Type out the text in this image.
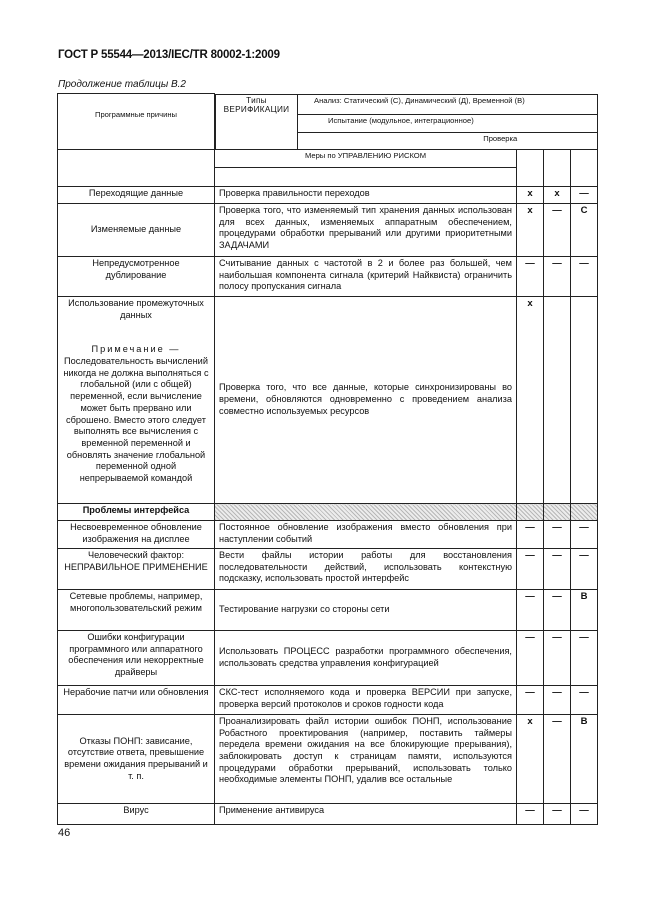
ГОСТ Р 55544—2013/IEC/TR 80002-1:2009
Продолжение таблицы В.2
Программные причины	
Типы ВЕРИФИКАЦИИ	Анализ: Статический (С), Динамический (Д), Временной (В)
Испытание (модульное, интеграционное)
Проверка

	Меры по УПРАВЛЕНИЮ РИСКОМ			

Переходящие данные	Проверка правильности переходов	x	x	—
Изменяемые данные	Проверка того, что изменяемый тип хранения данных использован для всех данных, изменяемых аппаратным обеспечением, процедурами обработки прерываний или другими приоритетными ЗАДАЧАМИ	x	—	С
Непредусмотренное дублирование	Считывание данных с частотой в 2 и более раз большей, чем наибольшая компонента сигнала (критерий Найквиста) ограничить полосу пропускания сигнала	—	—	—

Использование промежуточных данных
Примечание —
Последовательность вычислений никогда не должна выполняться с глобальной (или с общей) переменной, если вычисление может быть прервано или сброшено. Вместо этого следует выполнять все вычисления с временной переменной и обновлять значение глобальной переменной одной непрерываемой командой
	Проверка того, что все данные, которые синхронизированы во времени, обновляются одновременно с проведением анализа совместно используемых ресурсов	x		
Проблемы интерфейса				
Несвоевременное обновление изображения на дисплее	Постоянное обновление изображения вместо обновления при наступлении событий	—	—	—
Человеческий фактор: НЕПРАВИЛЬНОЕ ПРИМЕНЕНИЕ	Вести файлы истории работы для восстановления последовательности действий, использовать контекстную подсказку, использовать простой интерфейс	—	—	—
Сетевые проблемы, например, многопользовательский режим	Тестирование нагрузки со стороны сети	—	—	В
Ошибки конфигурации программного или аппаратного обеспечения или некорректные драйверы	Использовать ПРОЦЕСС разработки программного обеспечения, использовать средства управления конфигурацией	—	—	—
Нерабочие патчи или обновления	СКС-тест исполняемого кода и проверка ВЕРСИИ при запуске, проверка версий протоколов и сроков годности кода	—	—	—
Отказы ПОНП: зависание, отсутствие ответа, превышение времени ожидания прерываний и т. п.	Проанализировать файл истории ошибок ПОНП, использование Робастного проектирования (например, поставить таймеры передела времени ожидания на все блокирующие прерывания), заблокировать доступ к страницам памяти, используются процедурами обработки прерываний, использовать только необходимые элементы ПОНП, удалив все остальные	x	—	В
Вирус	Применение антивируса	—	—	—
46
